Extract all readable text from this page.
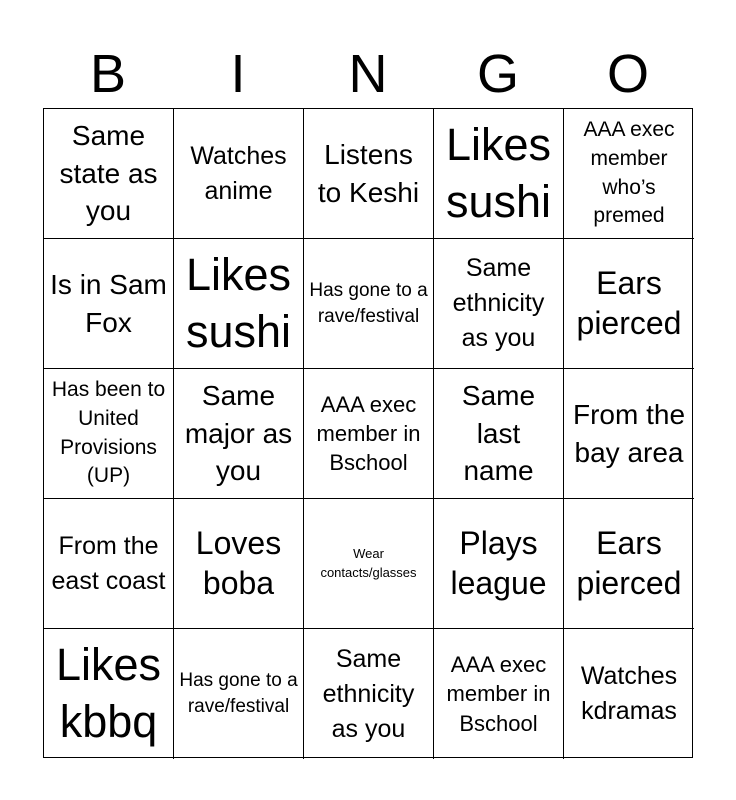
B	I	N	G	O
Same state as you
Watches anime
Listens to Keshi
Likes sushi
AAA exec member who’s premed
Is in Sam Fox
Likes sushi
Has gone to a rave/festival
Same ethnicity as you
Ears pierced
Has been to United Provisions (UP)
Same major as you
AAA exec member in Bschool
Same last name
From the bay area
From the east coast
Loves boba
Wear contacts/glasses
Plays league
Ears pierced
Likes kbbq
Has gone to a rave/festival
Same ethnicity as you
AAA exec member in Bschool
Watches kdramas
